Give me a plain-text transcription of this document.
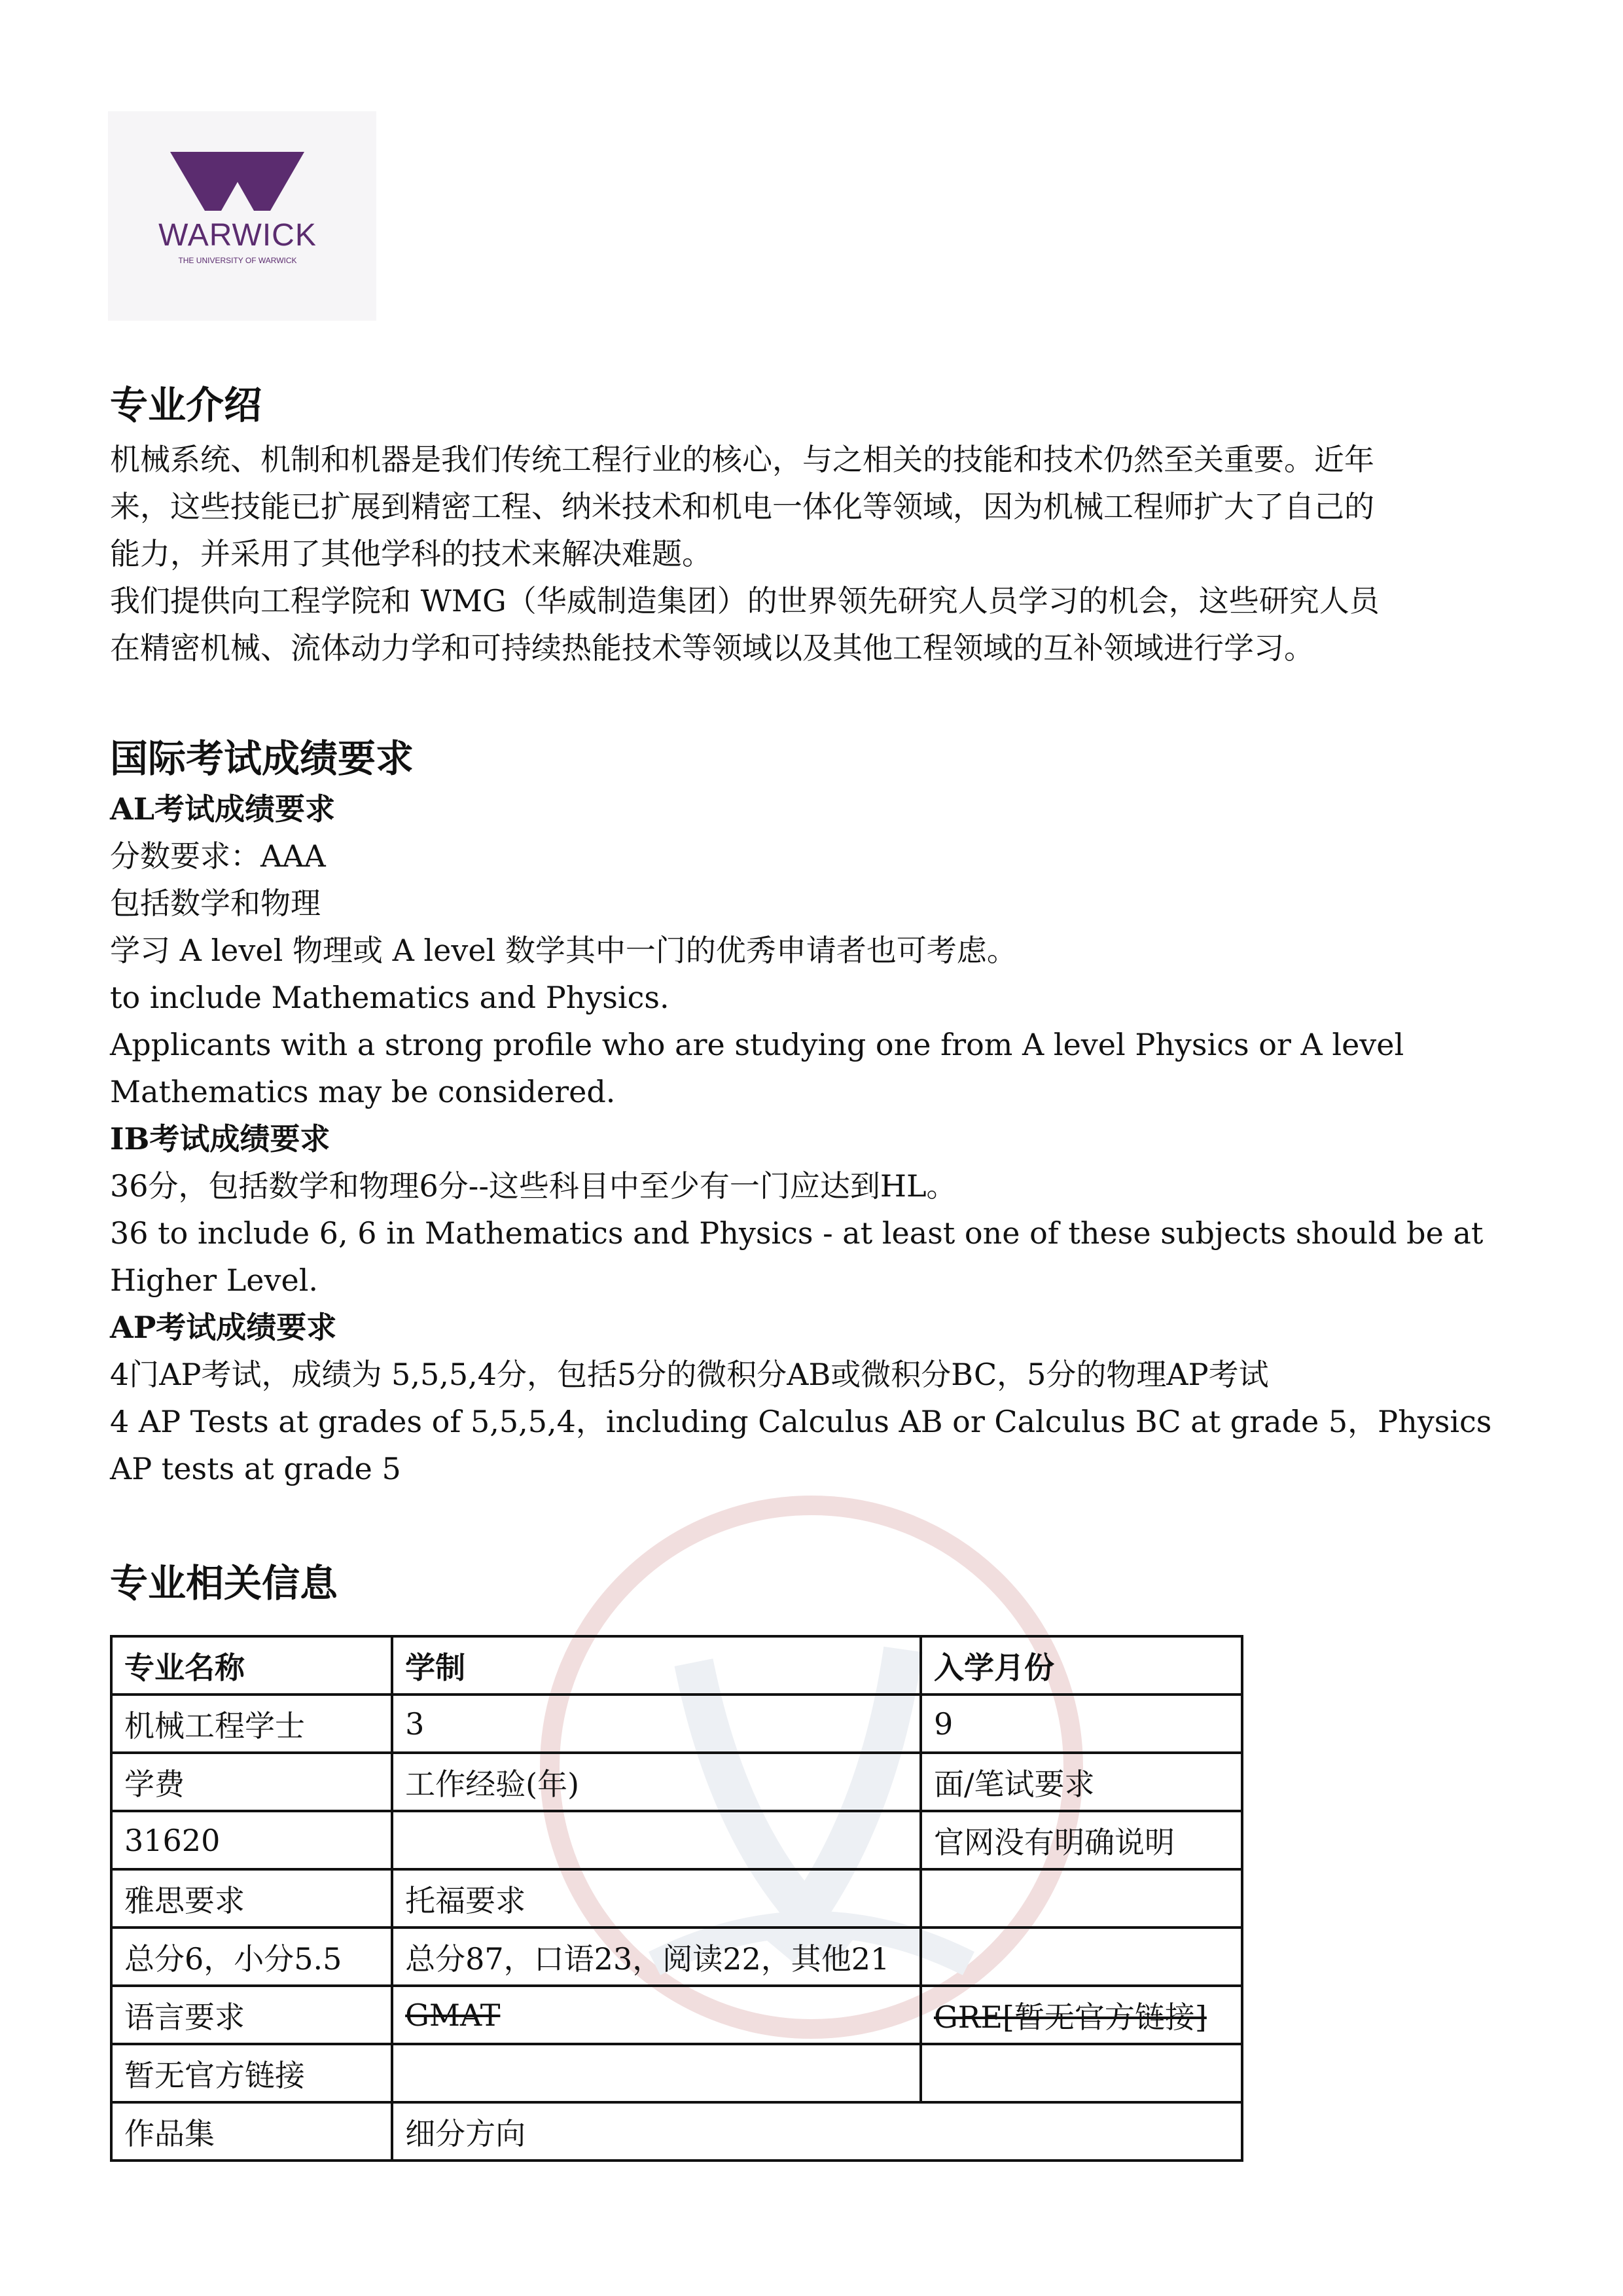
WARWICK
THE UNIVERSITY OF WARWICK
专业介绍
机械系统、机制和机器是我们传统工程行业的核心，与之相关的技能和技术仍然至关重要。近年
来，这些技能已扩展到精密工程、纳米技术和机电一体化等领域，因为机械工程师扩大了自己的
能力，并采用了其他学科的技术来解决难题。
我们提供向工程学院和 WMG（华威制造集团）的世界领先研究人员学习的机会，这些研究人员
在精密机械、流体动力学和可持续热能技术等领域以及其他工程领域的互补领域进行学习。
国际考试成绩要求
AL考试成绩要求
分数要求：AAA
包括数学和物理
学习 A level 物理或 A level 数学其中一门的优秀申请者也可考虑。
to include Mathematics and Physics.
Applicants with a strong profile who are studying one from A level Physics or A level
Mathematics may be considered.
IB考试成绩要求
36分，包括数学和物理6分--这些科目中至少有一门应达到HL。
36 to include 6, 6 in Mathematics and Physics - at least one of these subjects should be at
Higher Level.
AP考试成绩要求
4门AP考试，成绩为 5,5,5,4分，包括5分的微积分AB或微积分BC，5分的物理AP考试
4 AP Tests at grades of 5,5,5,4，including Calculus AB or Calculus BC at grade 5，Physics
AP tests at grade 5
专业相关信息
专业名称	学制	入学月份
机械工程学士	3	9
学费	工作经验(年)	面/笔试要求
31620		官网没有明确说明
雅思要求	托福要求	
总分6，小分5.5	总分87，口语23，阅读22，其他21	
语言要求	GMAT	GRE[暂无官方链接]
暂无官方链接		
作品集	细分方向	
